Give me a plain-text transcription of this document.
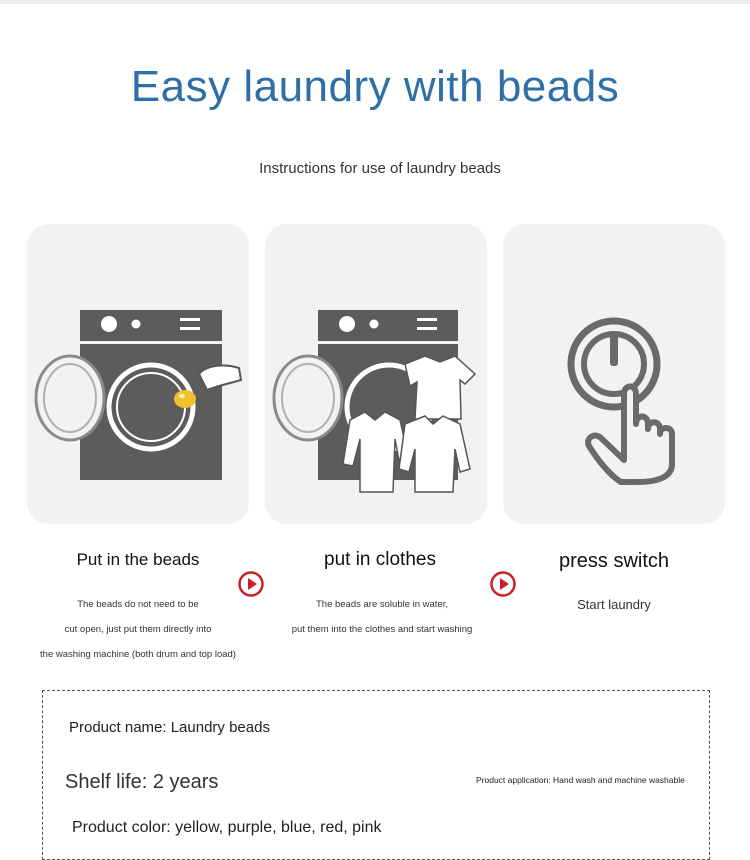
Easy laundry with beads
Instructions for use of laundry beads
Put in the beads	put in clothes	press switch
The beads do not need to be
cut open, just put them directly into
the washing machine (both drum and top load)
The beads are soluble in water,
put them into the clothes and start washing
Start laundry
Product name: Laundry beads
Shelf life: 2 years	Product application: Hand wash and machine washable
Product color: yellow, purple, blue, red, pink
